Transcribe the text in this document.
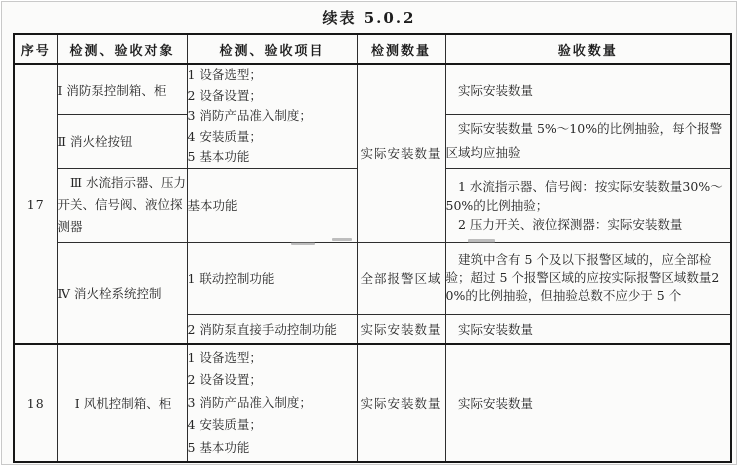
续表 5.0.2
序号	检测、验收对象	检测、验收项目	检测数量	验收数量
17	Ⅰ 消防泵控制箱、柜	1 设备选型；
2 设备设置；
3 消防产品准入制度；
4 安装质量；
5 基本功能	实际安装数量	实际安装数量

	Ⅱ 消火栓按钮			实际安装数量 5%～10%的比例抽验，每个报警区域均应抽验

	Ⅲ 水流指示器、压力开关、信号阀、液位探测器	基本功能		1 水流指示器、信号阀：按实际安装数量30%～50%的比例抽验；

2 压力开关、液位探测器：实际安装数量

	Ⅳ 消火栓系统控制	1 联动控制功能	全部报警区域	建筑中含有 5 个及以下报警区域的，应全部检验；超过 5 个报警区域的应按实际报警区域数量20%的比例抽验，但抽验总数不应少于 5 个

		2 消防泵直接手动控制功能	实际安装数量	实际安装数量

18	Ⅰ 风机控制箱、柜	1 设备选型；
2 设备设置；
3 消防产品准入制度；
4 安装质量；
5 基本功能	实际安装数量	实际安装数量
